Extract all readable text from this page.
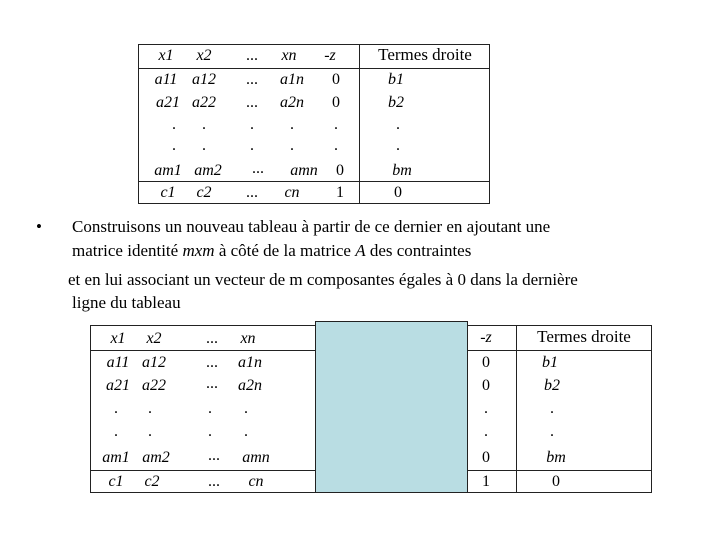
x1	x2	...	xn	-z	Termes droite
a11 a12	...	a1n	0	b1
a21 a22	...	a2n	0	b2
.	.	.	.	.	.
.	.	.	.	.	.
am1 am2	...	amn	0	bm
c1	c2	...	cn	1	0
• Construisons un nouveau tableau à partir de ce dernier en ajoutant une
matrice identité mxm à côté de la matrice A des contraintes
et en lui associant un vecteur de m composantes égales à 0 dans la dernière
ligne du tableau
x1	x2	...	xn	-z	Termes droite
a11 a12	...	a1n	0	b1
a21 a22	...	a2n	0	b2
.	.	.	.	.	.
.	.	.	.	.	.
am1 am2	...	amn	0	bm
c1	c2	...	cn	1	0
